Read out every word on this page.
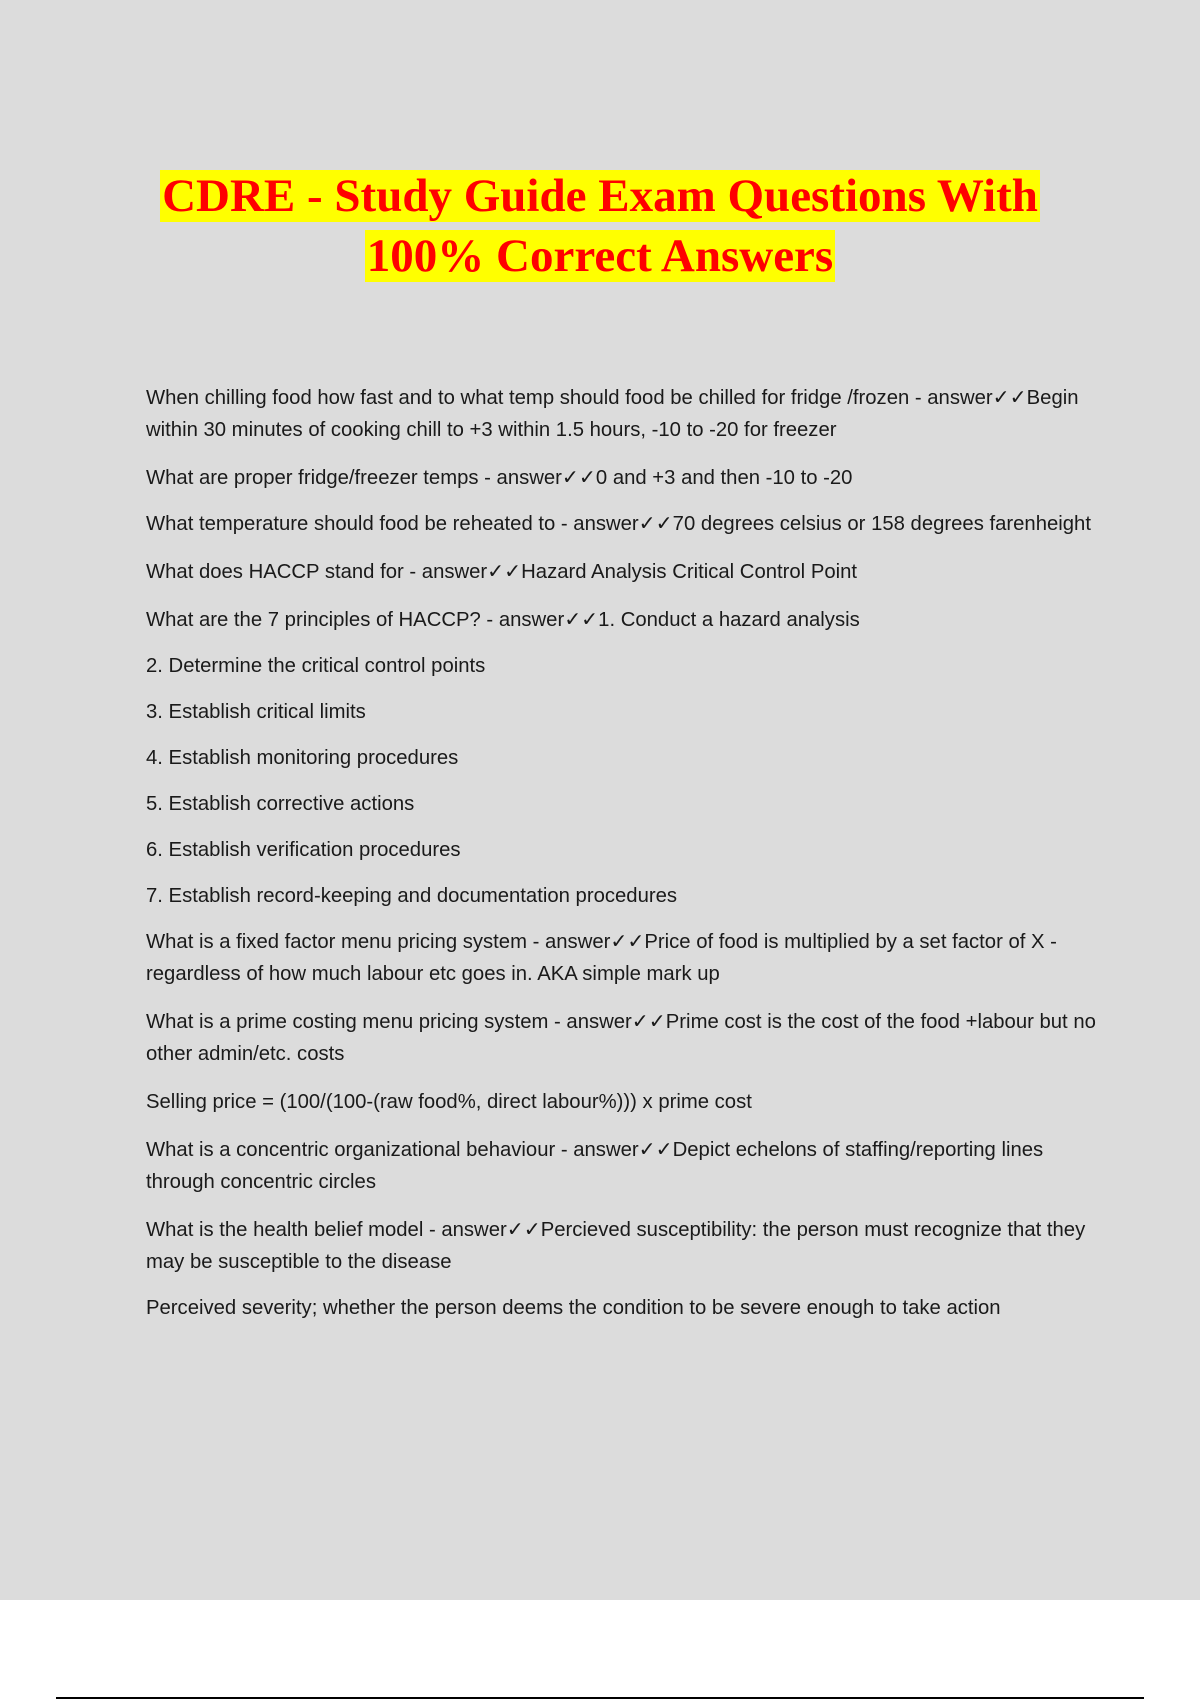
CDRE - Study Guide Exam Questions With
100% Correct Answers

When chilling food how fast and to what temp should food be chilled for fridge /frozen - answer✓✓Begin within 30 minutes of cooking chill to +3 within 1.5 hours, -10 to -20 for freezer

What are proper fridge/freezer temps - answer✓✓0 and +3 and then -10 to -20

What temperature should food be reheated to - answer✓✓70 degrees celsius or 158 degrees farenheight

What does HACCP stand for - answer✓✓Hazard Analysis Critical Control Point

What are the 7 principles of HACCP? - answer✓✓1. Conduct a hazard analysis

2. Determine the critical control points

3. Establish critical limits

4. Establish monitoring procedures

5. Establish corrective actions

6. Establish verification procedures

7. Establish record-keeping and documentation procedures

What is a fixed factor menu pricing system - answer✓✓Price of food is multiplied by a set factor of X - regardless of how much labour etc goes in. AKA simple mark up

What is a prime costing menu pricing system - answer✓✓Prime cost is the cost of the food +labour but no other admin/etc. costs

Selling price = (100/(100-(raw food%, direct labour%))) x prime cost

What is a concentric organizational behaviour - answer✓✓Depict echelons of staffing/reporting lines through concentric circles

What is the health belief model - answer✓✓Percieved susceptibility: the person must recognize that they may be susceptible to the disease

Perceived severity; whether the person deems the condition to be severe enough to take action
